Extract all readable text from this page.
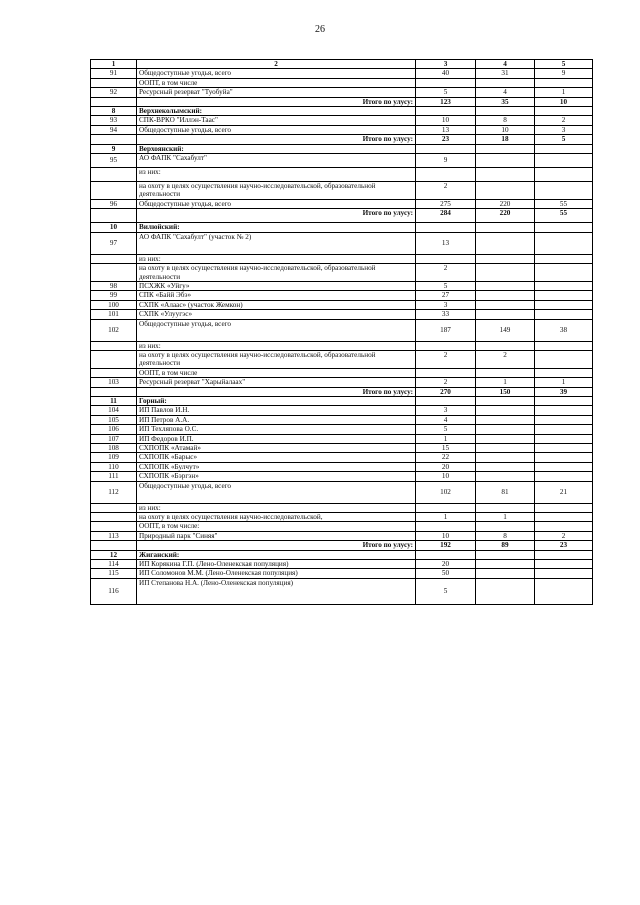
26
1	2	3	4	5
91	Общедоступные угодья, всего	40	31	9
	ООПТ, в том числе			
92	Ресурсный резерват "Туобуйа"	5	4	1
	Итого по улусу:	123	35	10
8	Верхнеколымский:			
93	СПК-ВРКО "Иллэн-Таас"	10	8	2
94	Общедоступные угодья, всего	13	10	3
	Итого по улусу:	23	18	5
9	Верхоянский:			
95	АО ФАПК "Сахабулт"	9		
	из них:			
	на охоту в целях осуществления научно-исследовательской, образовательной деятельности	2		
96	Общедоступные угодья, всего	275	220	55
	Итого по улусу:	284	220	55
10	Вилюйский:			
97	АО ФАПК "Сахабулт" (участок № 2)	13		
	из них:			
	на охоту в целях осуществления научно-исследовательской, образовательной деятельности	2		
98	ПСХЖК «Уйгу»	5		
99	СПК «Байй Эбэ»	27		
100	СХПК «Алаас» (участок Жемкон)	3		
101	СХПК «Улуугэс»	33		
102	Общедоступные угодья, всего	187	149	38
	из них:			
	на охоту в целях осуществления научно-исследовательской, образовательной деятельности	2	2	
	ООПТ, в том числе			
103	Ресурсный резерват "Харыйалаах"	2	1	1
	Итого по улусу:	270	150	39
11	Горный:			
104	ИП Павлов И.Н.	3		
105	ИП Петров А.А.	4		
106	ИП Техляпова О.С.	5		
107	ИП Федоров И.П.	1		
108	СХПОПК «Атамай»	15		
109	СХПОПК «Барыс»	22		
110	СХПОПК «Булчут»	20		
111	СХПОПК «Бэргэн»	10		
112	Общедоступные угодья, всего	102	81	21
	из них:			
	на охоту в целях осуществления научно-исследовательской,	1	1	
	ООПТ, в том числе:			
113	Природный парк "Синяя"	10	8	2
	Итого по улусу:	192	89	23
12	Жиганский:			
114	ИП Корякина Г.П. (Лено-Оленекская популяция)	20		
115	ИП Соломонов М.М. (Лено-Оленекская популяция)	50		
116	ИП Степанова Н.А. (Лено-Оленекская популяция)	5		
